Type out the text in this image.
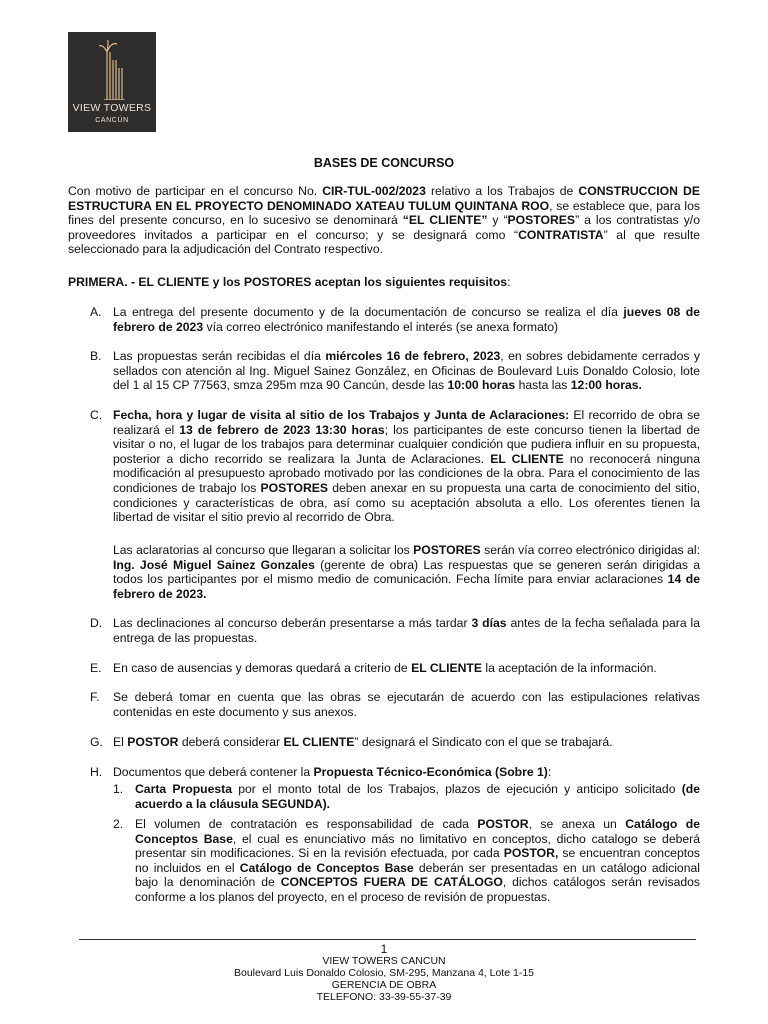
VIEW TOWERS
CANCÚN
BASES DE CONCURSO
Con motivo de participar en el concurso No. CIR-TUL-002/2023 relativo a los Trabajos de CONSTRUCCION DE ESTRUCTURA EN EL PROYECTO DENOMINADO XATEAU TULUM QUINTANA ROO, se establece que, para los fines del presente concurso, en lo sucesivo se denominará “EL CLIENTE” y “POSTORES” a los contratistas y/o proveedores invitados a participar en el concurso; y se designará como “CONTRATISTA” al que resulte seleccionado para la adjudicación del Contrato respectivo.
PRIMERA. - EL CLIENTE y los POSTORES aceptan los siguientes requisitos:
A. La entrega del presente documento y de la documentación de concurso se realiza el día jueves 08 de febrero de 2023 vía correo electrónico manifestando el interés (se anexa formato)
B. Las propuestas serán recibidas el día miércoles 16 de febrero, 2023, en sobres debidamente cerrados y sellados con atención al Ing. Miguel Sainez González, en Oficinas de Boulevard Luis Donaldo Colosio, lote del 1 al 15 CP 77563, smza 295m mza 90 Cancún, desde las 10:00 horas hasta las 12:00 horas.
C. Fecha, hora y lugar de visita al sitio de los Trabajos y Junta de Aclaraciones: El recorrido de obra se realizará el 13 de febrero de 2023 13:30 horas; los participantes de este concurso tienen la libertad de visitar o no, el lugar de los trabajos para determinar cualquier condición que pudiera influir en su propuesta, posterior a dicho recorrido se realizara la Junta de Aclaraciones. EL CLIENTE no reconocerá ninguna modificación al presupuesto aprobado motivado por las condiciones de la obra. Para el conocimiento de las condiciones de trabajo los POSTORES deben anexar en su propuesta una carta de conocimiento del sitio, condiciones y características de obra, así como su aceptación absoluta a ello. Los oferentes tienen la libertad de visitar el sitio previo al recorrido de Obra.
Las aclaratorias al concurso que llegaran a solicitar los POSTORES serán vía correo electrónico dirigidas al: Ing. José Miguel Sainez Gonzales (gerente de obra) Las respuestas que se generen serán dirigidas a todos los participantes por el mismo medio de comunicación. Fecha límite para enviar aclaraciones 14 de febrero de 2023.
D. Las declinaciones al concurso deberán presentarse a más tardar 3 días antes de la fecha señalada para la entrega de las propuestas.
E. En caso de ausencias y demoras quedará a criterio de EL CLIENTE la aceptación de la información.
F. Se deberá tomar en cuenta que las obras se ejecutarán de acuerdo con las estipulaciones relativas contenidas en este documento y sus anexos.
G. El POSTOR deberá considerar EL CLIENTE” designará el Sindicato con el que se trabajará.
H. Documentos que deberá contener la Propuesta Técnico-Económica (Sobre 1):
1. Carta Propuesta por el monto total de los Trabajos, plazos de ejecución y anticipo solicitado (de acuerdo a la cláusula SEGUNDA).
2. El volumen de contratación es responsabilidad de cada POSTOR, se anexa un Catálogo de Conceptos Base, el cual es enunciativo más no limitativo en conceptos, dicho catalogo se deberá presentar sin modificaciones. Si en la revisión efectuada, por cada POSTOR, se encuentran conceptos no incluidos en el Catálogo de Conceptos Base deberán ser presentadas en un catálogo adicional bajo la denominación de CONCEPTOS FUERA DE CATÁLOGO, dichos catálogos serán revisados conforme a los planos del proyecto, en el proceso de revisión de propuestas.
1
VIEW TOWERS CANCUN
Boulevard Luis Donaldo Colosio, SM-295, Manzana 4, Lote 1-15
GERENCIA DE OBRA
TELEFONO: 33-39-55-37-39
